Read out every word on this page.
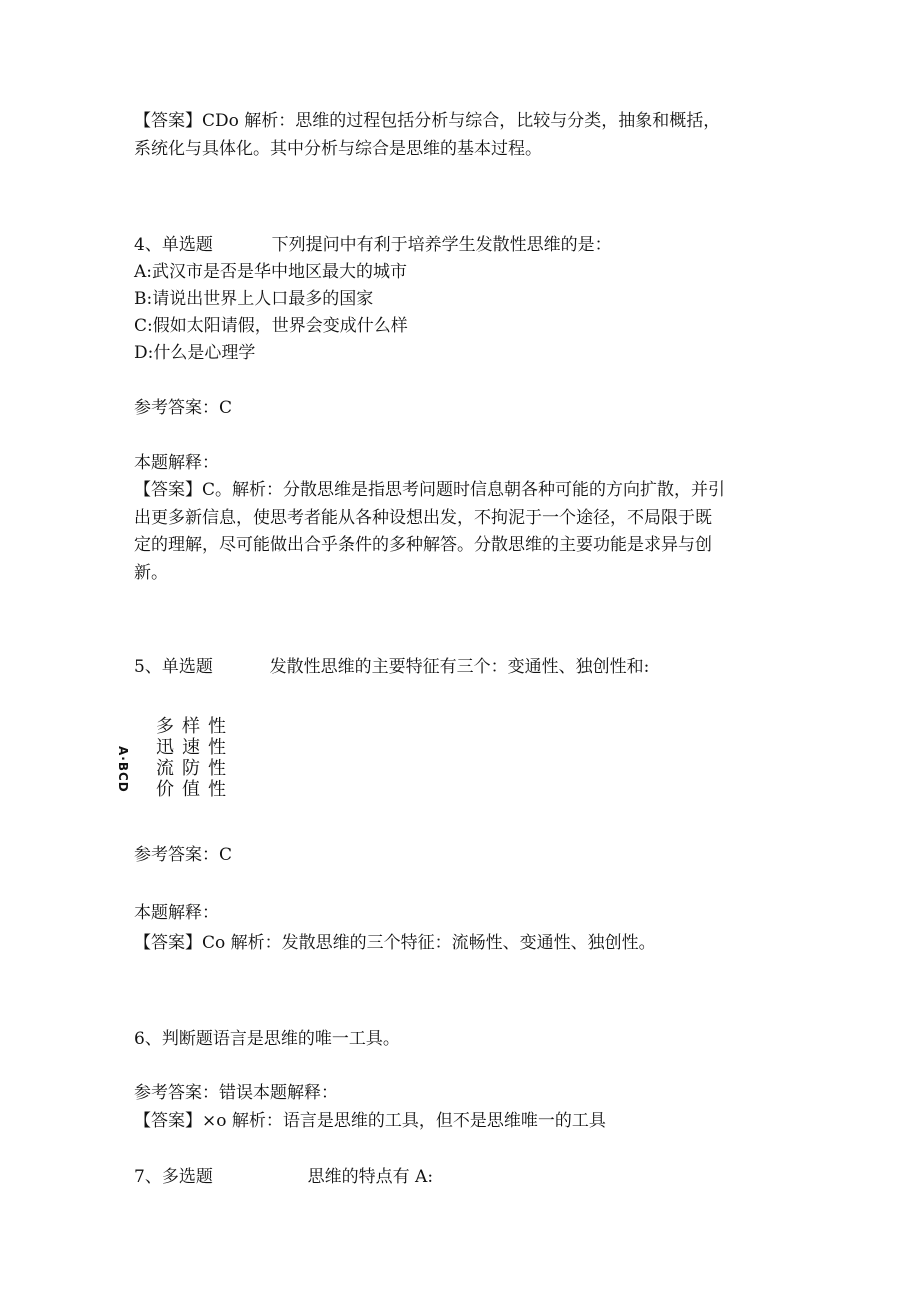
【答案】CDo 解析：思维的过程包括分析与综合，比较与分类，抽象和概括，
系统化与具体化。其中分析与综合是思维的基本过程。
4、单选题	下列提问中有利于培养学生发散性思维的是：
A:武汉市是否是华中地区最大的城市
B:请说出世界上人口最多的国家
C:假如太阳请假，世界会变成什么样
D:什么是心理学
参考答案：C
本题解释：
【答案】C。解析：分散思维是指思考问题时信息朝各种可能的方向扩散，并引
出更多新信息，使思考者能从各种设想出发，不拘泥于一个途径，不局限于既
定的理解，尽可能做出合乎条件的多种解答。分散思维的主要功能是求异与创
新。
5、单选题	发散性思维的主要特征有三个：变通性、独创性和:
A·BCD
多样性
迅速性
流防性
价值性
参考答案：C
本题解释：
【答案】Co 解析：发散思维的三个特征：流畅性、变通性、独创性。
6、判断题语言是思维的唯一工具。
参考答案：错误本题解释：
【答案】×o 解析：语言是思维的工具，但不是思维唯一的工具
7、多选题	思维的特点有 A:
